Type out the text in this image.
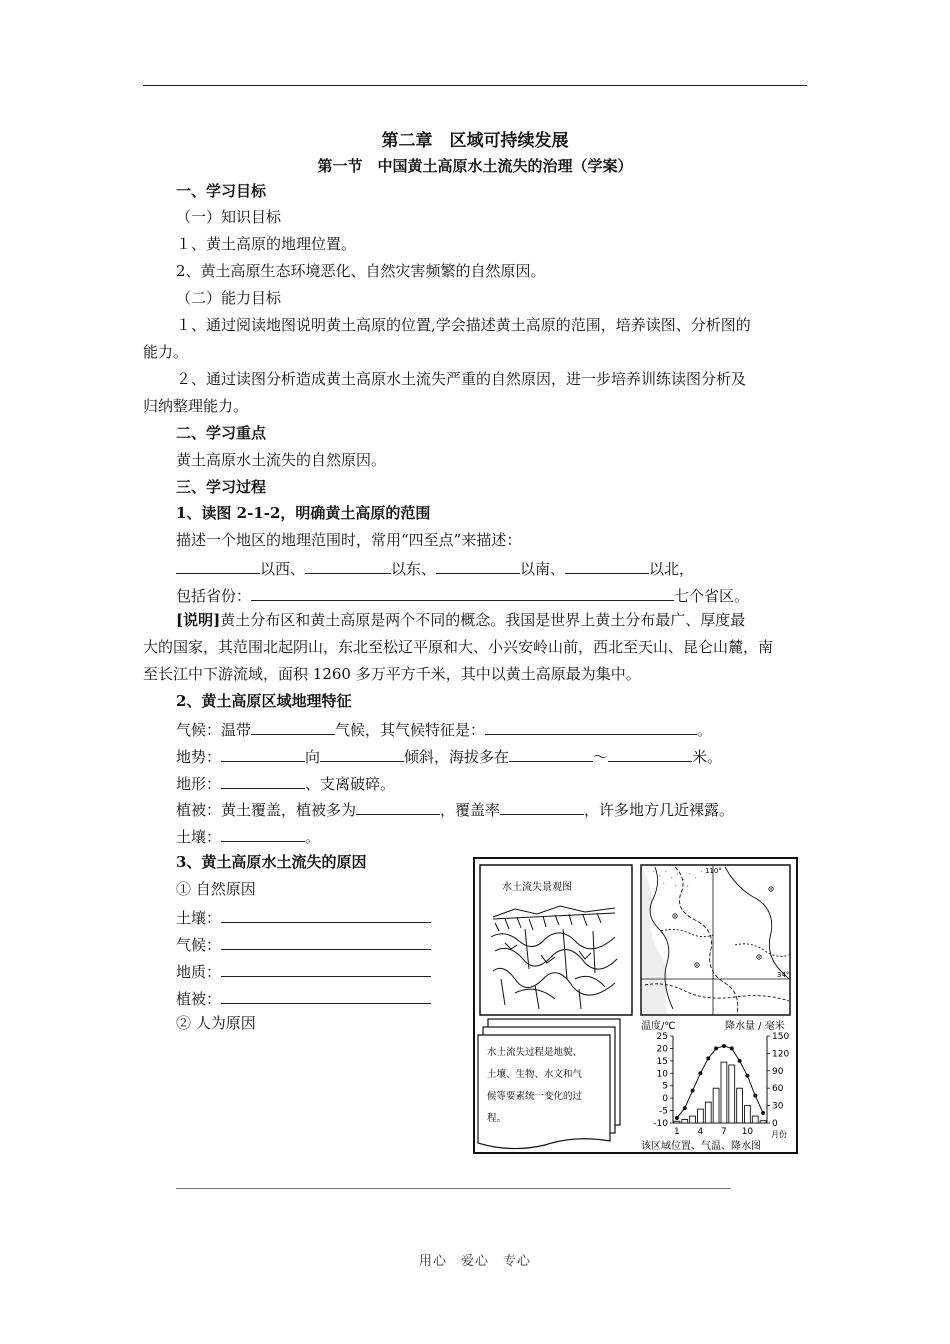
第二章　区域可持续发展
第一节　中国黄土高原水土流失的治理（学案）
一、学习目标
（一）知识目标
１、黄土高原的地理位置。
2、黄土高原生态环境恶化、自然灾害频繁的自然原因。
（二）能力目标
１、通过阅读地图说明黄土高原的位置,学会描述黄土高原的范围，培养读图、分析图的
能力。
２、通过读图分析造成黄土高原水土流失严重的自然原因，进一步培养训练读图分析及
归纳整理能力。
二、学习重点
黄土高原水土流失的自然原因。
三、学习过程
1、读图 2-1-2，明确黄土高原的范围
描述一个地区的地理范围时，常用“四至点”来描述：
以西、	以东、	以南、	以北，
包括省份：	七个省区。
[说明]黄土分布区和黄土高原是两个不同的概念。我国是世界上黄土分布最广、厚度最
大的国家，其范围北起阴山，东北至松辽平原和大、小兴安岭山前，西北至天山、昆仑山麓，南
至长江中下游流域，面积 1260 多万平方千米，其中以黄土高原最为集中。
2、黄土高原区域地理特征
气候：温带	气候，其气候特征是：	。
地势：	向	倾斜，海拔多在	～	米。
地形：	、支离破碎。
植被：黄土覆盖，植被多为	，覆盖率	，许多地方几近裸露。
土壤：	。
3、黄土高原水土流失的原因
① 自然原因
土壤：
气候：
地质：
植被：
② 人为原因
水土流失景观图
110°
34°
水土流失过程是地貌、
土壤、生物、水文和气
候等要素统一变化的过
程。
温度/℃	降水量 / 毫米
25
20
15
10
5
0
-5
-10
150
120
90
60
30
0
1 4 7 10 月份
该区域位置、气温、降水图
用心　爱心　专心
